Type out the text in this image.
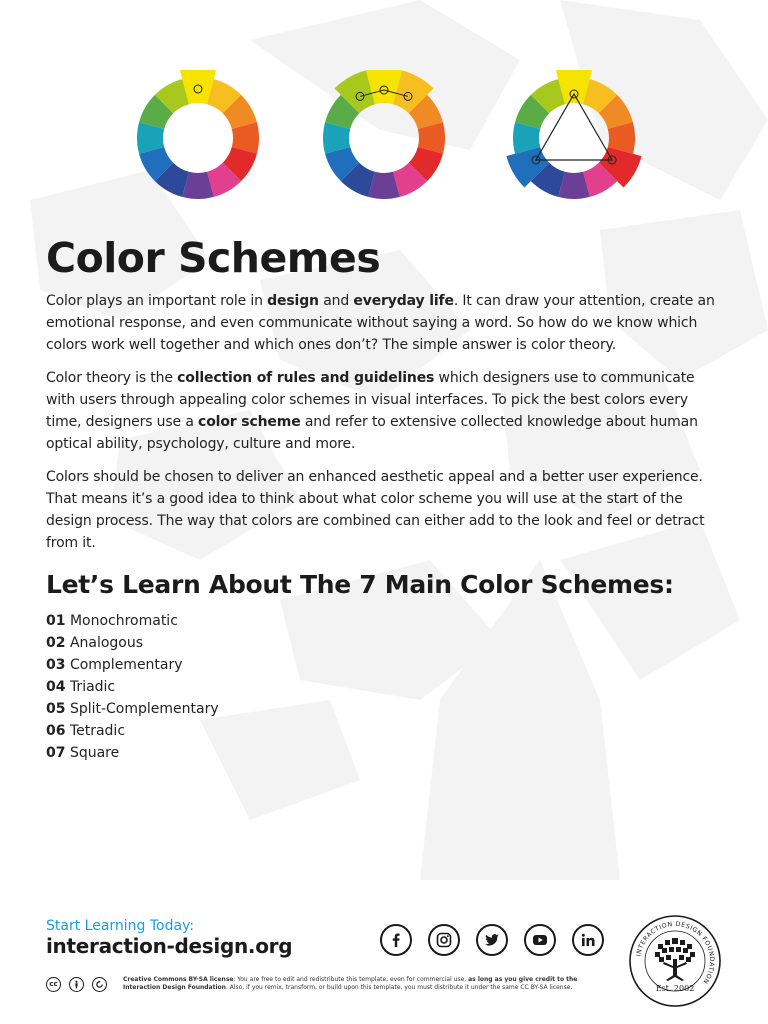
Color Schemes

Color plays an important role in design and everyday life. It can draw your attention, create an emotional response, and even communicate without saying a word. So how do we know which colors work well together and which ones don’t? The simple answer is color theory.

Color theory is the collection of rules and guidelines which designers use to communicate with users through appealing color schemes in visual interfaces. To pick the best colors every time, designers use a color scheme and refer to extensive collected knowledge about human optical ability, psychology, culture and more.

Colors should be chosen to deliver an enhanced aesthetic appeal and a better user experience. That means it’s a good idea to think about what color scheme you will use at the start of the design process. The way that colors are combined can either add to the look and feel or detract from it.

Let’s Learn About The 7 Main Color Schemes:
01 Monochromatic
02 Analogous
03 Complementary
04 Triadic
05 Split-Complementary
06 Tetradic
07 Square
Start Learning Today:
interaction-design.org
cc
Creative Commons BY-SA license: You are free to edit and redistribute this template, even for commercial use, as long as you give credit to the Interaction Design Foundation. Also, if you remix, transform, or build upon this template, you must distribute it under the same CC BY-SA license.
INTERACTION DESIGN FOUNDATION
Est. 2002
